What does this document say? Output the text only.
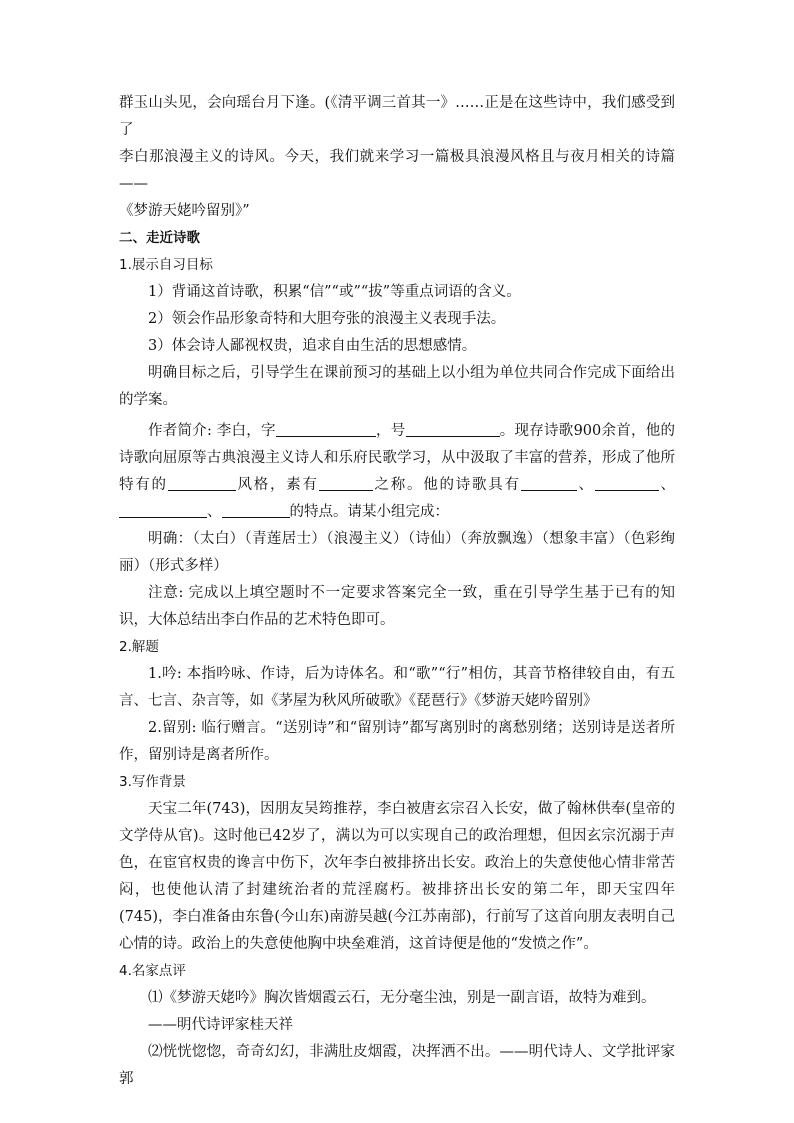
群玉山头见，会向瑶台月下逢。(《清平调三首其一》……正是在这些诗中，我们感受到了

李白那浪漫主义的诗风。今天，我们就来学习一篇极具浪漫风格且与夜月相关的诗篇——

《梦游天姥吟留别》”

二、走近诗歌

1.展示自习目标

1）背诵这首诗歌，积累“信”“或”“拔”等重点词语的含义。

2）领会作品形象奇特和大胆夸张的浪漫主义表现手法。

3）体会诗人鄙视权贵，追求自由生活的思想感情。

明确目标之后，引导学生在课前预习的基础上以小组为单位共同合作完成下面给出的学案。

作者简介: 李白，字	，号	。现存诗歌900余首，他的诗歌向屈原等古典浪漫主义诗人和乐府民歌学习，从中汲取了丰富的营养，形成了他所特有的	风格，素有	之称。他的诗歌具有	、	、、	的特点。请某小组完成：

明确：（太白）（青莲居士）（浪漫主义）（诗仙）（奔放飘逸）（想象丰富）（色彩绚丽）（形式多样）

注意: 完成以上填空题时不一定要求答案完全一致，重在引导学生基于已有的知识，大体总结出李白作品的艺术特色即可。

2.解题

1.吟: 本指吟咏、作诗，后为诗体名。和“歌”“行”相仿，其音节格律较自由，有五言、七言、杂言等，如《茅屋为秋风所破歌》《琵琶行》《梦游天姥吟留别》

2.留别: 临行赠言。“送别诗”和“留别诗”都写离别时的离愁别绪；送别诗是送者所作，留别诗是离者所作。

3.写作背景

天宝二年(743)，因朋友吴筠推荐，李白被唐玄宗召入长安，做了翰林供奉(皇帝的文学侍从官)。这时他已42岁了，满以为可以实现自己的政治理想，但因玄宗沉溺于声色，在宦官权贵的谗言中伤下，次年李白被排挤出长安。政治上的失意使他心情非常苦闷，也使他认清了封建统治者的荒淫腐朽。被排挤出长安的第二年，即天宝四年(745)，李白准备由东鲁(今山东)南游吴越(今江苏南部)，行前写了这首向朋友表明自己心情的诗。政治上的失意使他胸中块垒难消，这首诗便是他的“发愤之作”。

4.名家点评

⑴《梦游天姥吟》胸次皆烟霞云石，无分毫尘浊，别是一副言语，故特为难到。

——明代诗评家桂天祥

⑵恍恍惚惚，奇奇幻幻，非满肚皮烟霞，决挥洒不出。——明代诗人、文学批评家郭
